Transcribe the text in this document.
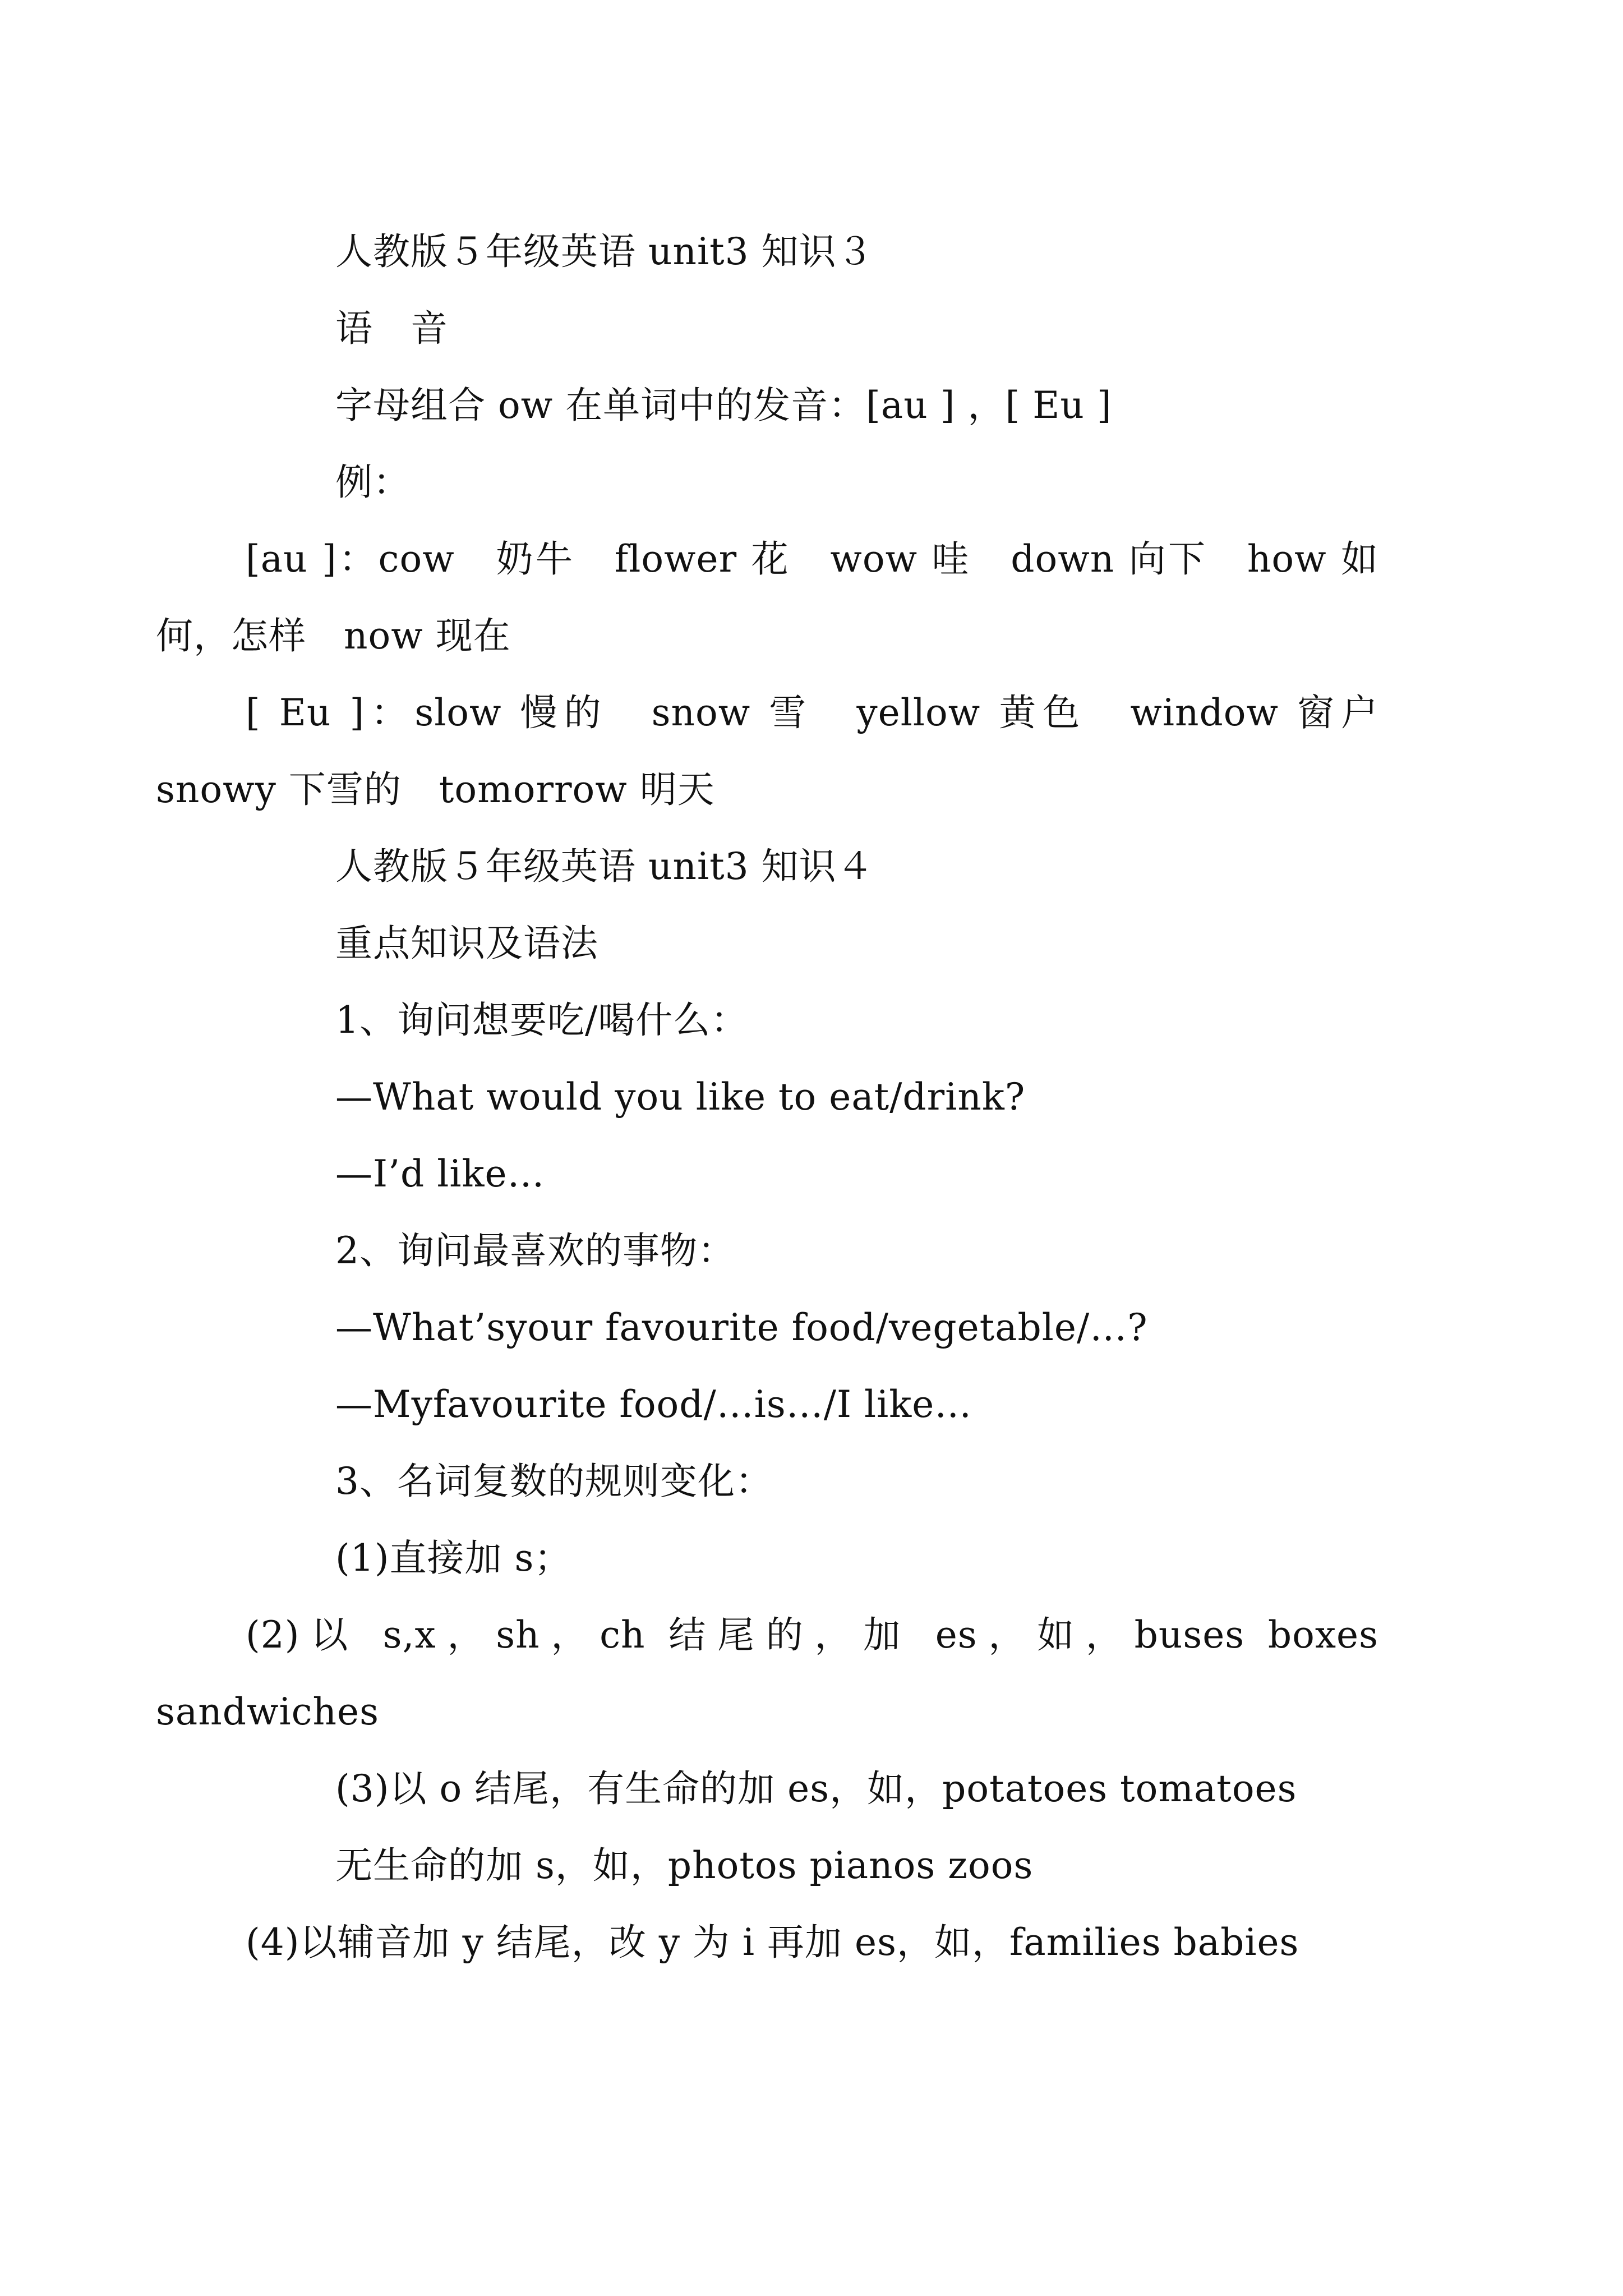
人教版５年级英语 unit3 知识３
语　音
字母组合 ow 在单词中的发音：[au ] ，[ Eu ]
例：
[au ]：cow　奶牛　flower 花　wow 哇　down 向下　how 如何，怎样　now 现在
[ Eu ]：slow 慢的　snow 雪　yellow 黄色　window 窗户　snowy 下雪的　tomorrow 明天
人教版５年级英语 unit3 知识４
重点知识及语法
1、询问想要吃/喝什么：
—What would you like to eat/drink?
—I’d like…
2、询问最喜欢的事物：
—What’syour favourite food/vegetable/…?
—Myfavourite food/…is…/I like…
3、名词复数的规则变化：
(1)直接加 s；
(2)以 s,x，sh，ch 结尾的，加 es，如，buses boxes sandwiches
(3)以 o 结尾，有生命的加 es，如，potatoes tomatoes
无生命的加 s，如，photos pianos zoos
(4)以辅音加 y 结尾，改 y 为 i 再加 es，如，families babies
